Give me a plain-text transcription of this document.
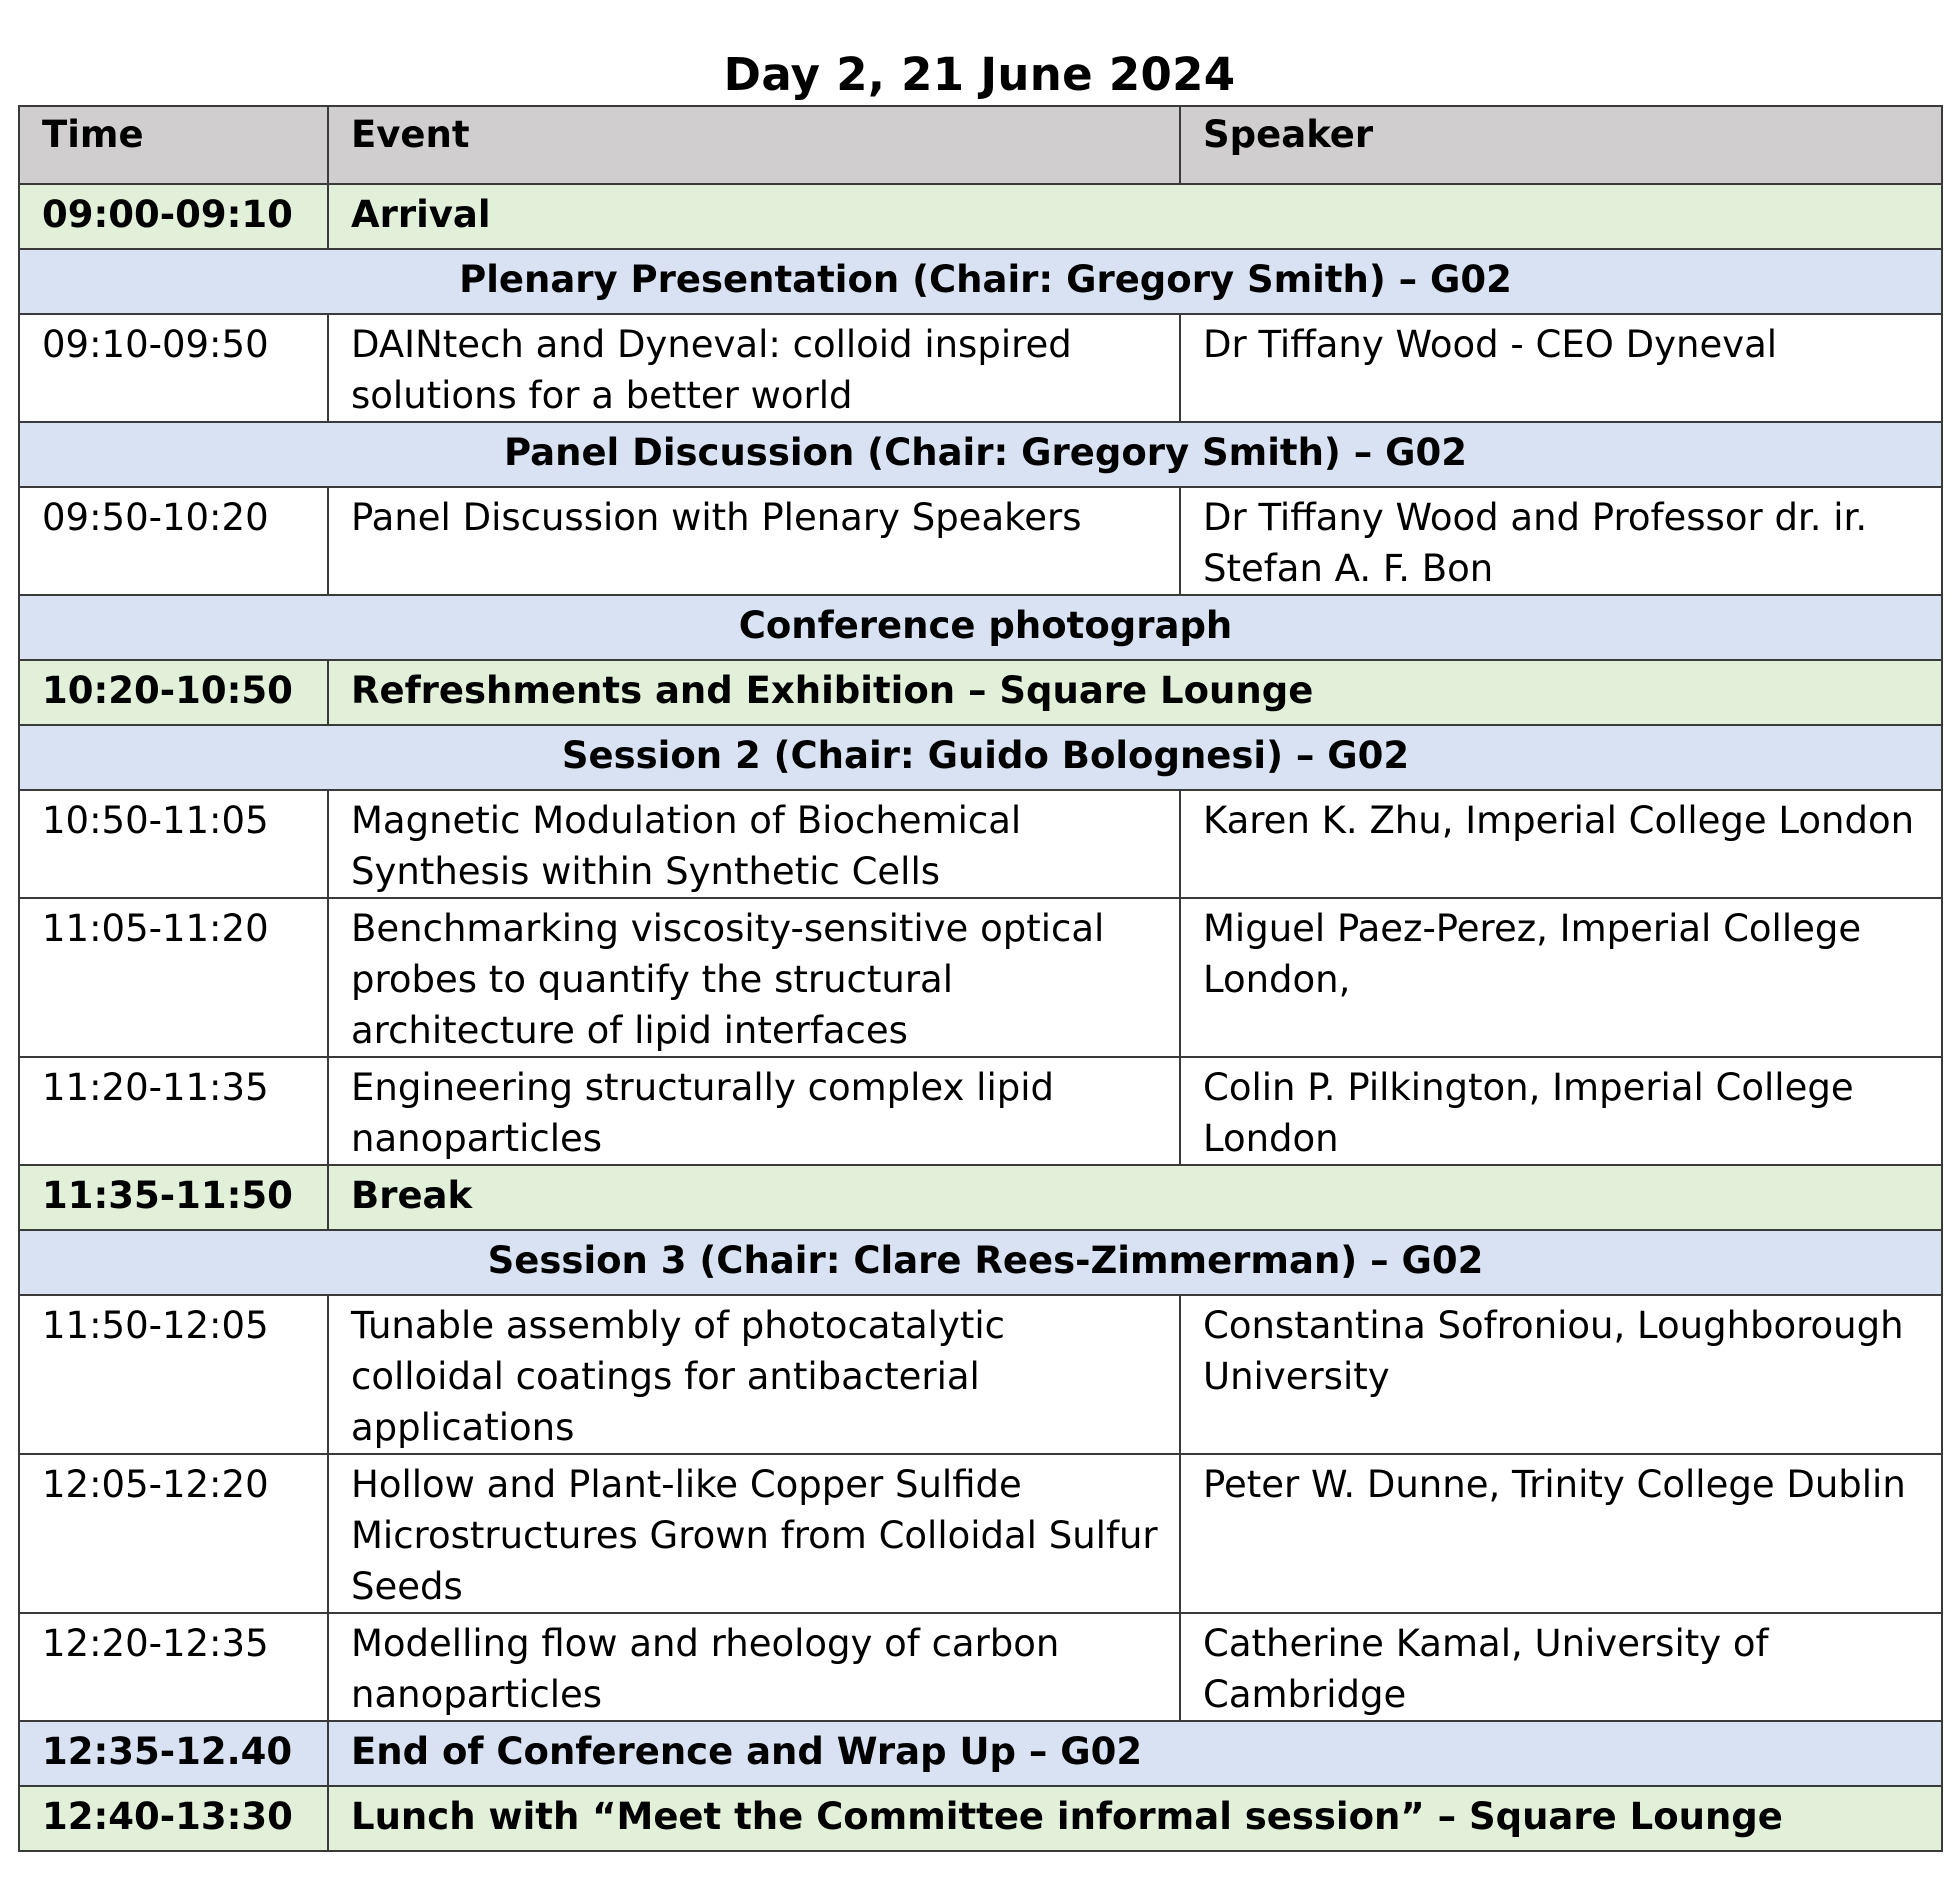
Day 2, 21 June 2024
Time	Event	Speaker
09:00-09:10	Arrival	
Plenary Presentation (Chair: Gregory Smith) – G02		
09:10-09:50	DAINtech and Dyneval: colloid inspired solutions for a better world	Dr Tiffany Wood - CEO Dyneval
Panel Discussion (Chair: Gregory Smith) – G02		
09:50-10:20	Panel Discussion with Plenary Speakers	Dr Tiffany Wood and Professor dr. ir. Stefan A. F. Bon
Conference photograph		
10:20-10:50	Refreshments and Exhibition – Square Lounge	
Session 2 (Chair: Guido Bolognesi) – G02		
10:50-11:05	Magnetic Modulation of Biochemical Synthesis within Synthetic Cells	Karen K. Zhu, Imperial College London
11:05-11:20	Benchmarking viscosity-sensitive optical probes to quantify the structural architecture of lipid interfaces	Miguel Paez-Perez, Imperial College London,
11:20-11:35	Engineering structurally complex lipid nanoparticles	Colin P. Pilkington, Imperial College London
11:35-11:50	Break	
Session 3 (Chair: Clare Rees-Zimmerman) – G02		
11:50-12:05	Tunable assembly of photocatalytic colloidal coatings for antibacterial applications	Constantina Sofroniou, Loughborough University
12:05-12:20	Hollow and Plant-like Copper Sulfide Microstructures Grown from Colloidal Sulfur Seeds	Peter W. Dunne, Trinity College Dublin
12:20-12:35	Modelling flow and rheology of carbon nanoparticles	Catherine Kamal, University of Cambridge
12:35-12.40	End of Conference and Wrap Up – G02	
12:40-13:30	Lunch with “Meet the Committee informal session” – Square Lounge	
